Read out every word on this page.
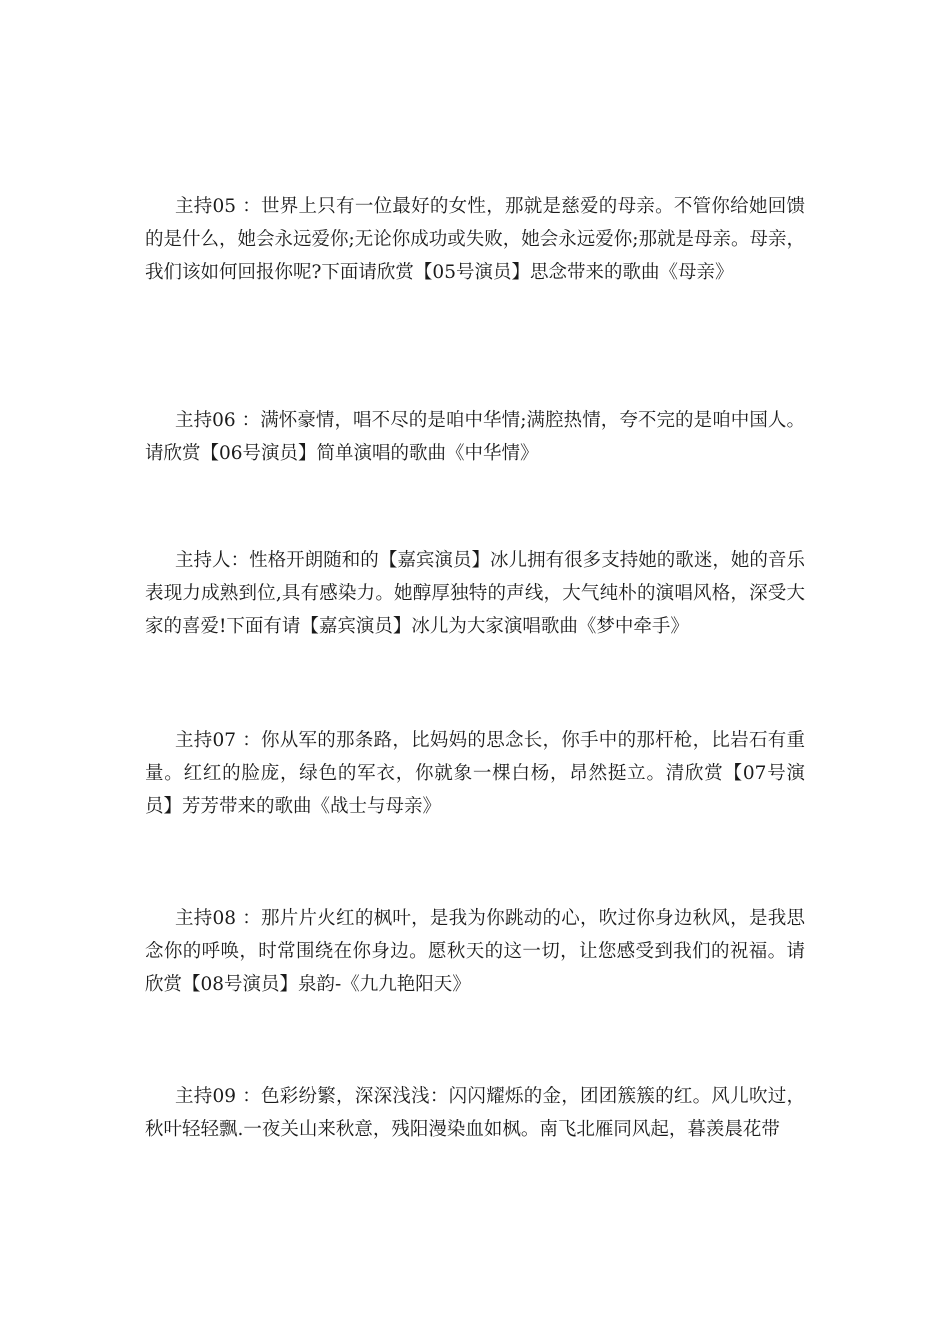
主持05 ：世界上只有一位最好的女性，那就是慈爱的母亲。不管你给她回馈的是什么，她会永远爱你;无论你成功或失败，她会永远爱你;那就是母亲。母亲，我们该如何回报你呢?下面请欣赏【05号演员】思念带来的歌曲《母亲》

主持06 ：满怀豪情，唱不尽的是咱中华情;满腔热情，夸不完的是咱中国人。请欣赏【06号演员】简单演唱的歌曲《中华情》

主持人：性格开朗随和的【嘉宾演员】冰儿拥有很多支持她的歌迷，她的音乐表现力成熟到位,具有感染力。她醇厚独特的声线，大气纯朴的演唱风格，深受大家的喜爱!下面有请【嘉宾演员】冰儿为大家演唱歌曲《梦中牵手》

主持07 ：你从军的那条路，比妈妈的思念长，你手中的那杆枪，比岩石有重量。红红的脸庞，绿色的军衣，你就象一棵白杨，昂然挺立。清欣赏【07号演员】芳芳带来的歌曲《战士与母亲》

主持08 ：那片片火红的枫叶，是我为你跳动的心，吹过你身边秋风，是我思念你的呼唤，时常围绕在你身边。愿秋天的这一切，让您感受到我们的祝福。请欣赏【08号演员】泉韵-《九九艳阳天》

主持09 ：色彩纷繁，深深浅浅：闪闪耀烁的金，团团簇簇的红。风儿吹过，秋叶轻轻飘.一夜关山来秋意，残阳漫染血如枫。南飞北雁同风起，暮羡晨花带
